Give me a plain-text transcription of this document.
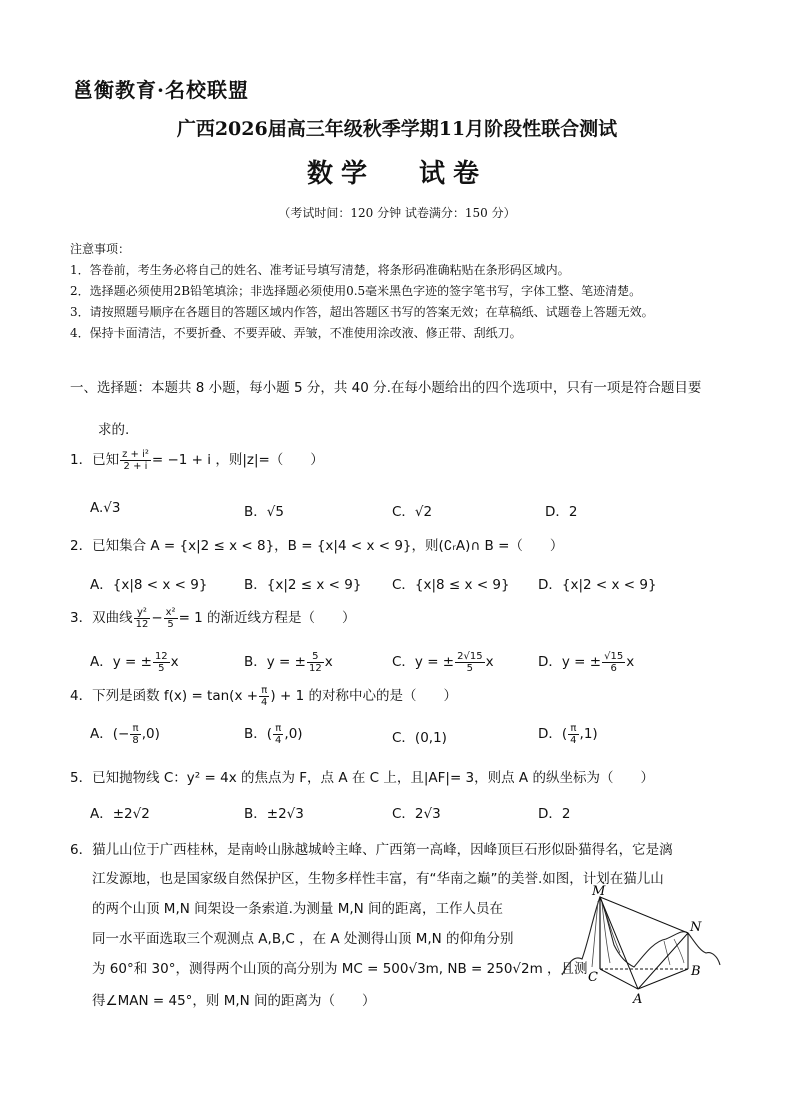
邕衡教育·名校联盟
广西2026届高三年级秋季学期11月阶段性联合测试
数学 试卷
（考试时间：120 分钟 试卷满分：150 分）
注意事项：
1．答卷前，考生务必将自己的姓名、准考证号填写清楚，将条形码准确粘贴在条形码区域内。
2．选择题必须使用2B铅笔填涂；非选择题必须使用0.5毫米黑色字迹的签字笔书写，字体工整、笔迹清楚。
3．请按照题号顺序在各题目的答题区域内作答，超出答题区书写的答案无效；在草稿纸、试题卷上答题无效。
4．保持卡面清洁，不要折叠、不要弄破、弄皱，不准使用涂改液、修正带、刮纸刀。
一、选择题：本题共 8 小题，每小题 5 分，共 40 分.在每小题给出的四个选项中，只有一项是符合题目要
求的.
1．已知 $\frac{\text{z + i²}}{2 + i} = -1 + i$ ，则|z|=（　　）
A.√3	B．√5	C．√2	D．2
2．已知集合 A = {x|2 ≤ x < 8}，B = {x|4 < x < 9}，则(∁ᵣA)∩ B =（　　）
A．{x|8 < x < 9}	B．{x|2 ≤ x < 9} C．{x|8 ≤ x < 9} D．{x|2 < x < 9}
3．双曲线 $\frac{\text{y²}}{12} - \frac{\text{x²}}{5} = 1$ 的渐近线方程是（　　）
A．y = ± $\frac{12}{5}$ x	B．y = ± $\frac{5}{12}$ x	C．y = ± $\frac{2√15}{5}$ x	D．y = ± $\frac{√15}{6}$ x
4．下列是函数 $f(x) = \tan(x + \frac{\pi}{4}$ ) + 1 的对称中心的是（　　）
A．(− $\frac{\pi}{8} ,0$)	B．( $\frac{\pi}{4} ,0$)	C．(0,1)	D．( $\frac{\pi}{4} ,1$)
5．已知抛物线 C：y² = 4x 的焦点为 F，点 A 在 C 上，且|AF|= 3，则点 A 的纵坐标为（　　）
A．±2√2	B．±2√3	C．2√3	D．2
6．猫儿山位于广西桂林，是南岭山脉越城岭主峰、广西第一高峰，因峰顶巨石形似卧猫得名，它是漓
江发源地，也是国家级自然保护区，生物多样性丰富，有“华南之巅”的美誉.如图，计划在猫儿山
的两个山顶 M,N 间架设一条索道.为测量 M,N 间的距离，工作人员在
同一水平面选取三个观测点 A,B,C ，在 A 处测得山顶 M,N 的仰角分别
为 60°和 30°，测得两个山顶的高分别为 MC = 500√3m, NB = 250√2m ，且测
得∠MAN = 45°，则 M,N 间的距离为（　　）
M
N
C	B
A
